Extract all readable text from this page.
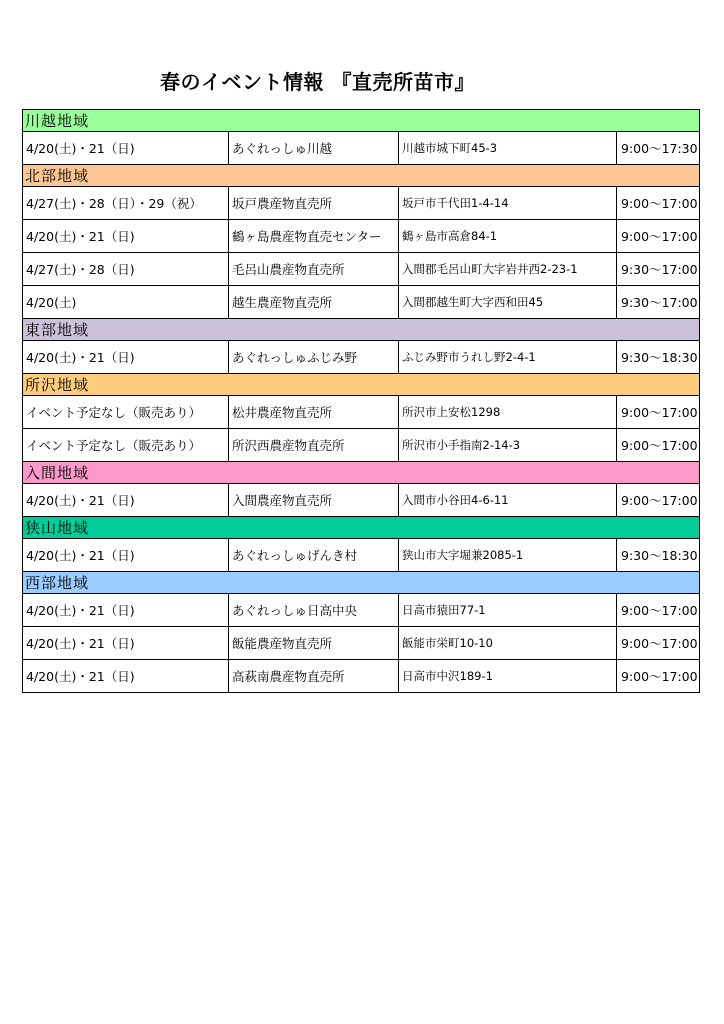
春のイベント情報 『直売所苗市』
川越地域			
4/20(土)・21（日)	あぐれっしゅ川越	川越市城下町45-3	9:00〜17:30
北部地域			
4/27(土)・28（日）・29（祝）	坂戸農産物直売所	坂戸市千代田1-4-14	9:00〜17:00
4/20(土)・21（日)	鶴ヶ島農産物直売センター	鶴ヶ島市高倉84-1	9:00〜17:00
4/27(土)・28（日)	毛呂山農産物直売所	入間郡毛呂山町大字岩井西2-23-1	9:30〜17:00
4/20(土)	越生農産物直売所	入間郡越生町大字西和田45	9:30〜17:00
東部地域			
4/20(土)・21（日)	あぐれっしゅふじみ野	ふじみ野市うれし野2-4-1	9:30〜18:30
所沢地域			
イベント予定なし（販売あり）	松井農産物直売所	所沢市上安松1298	9:00〜17:00
イベント予定なし（販売あり）	所沢西農産物直売所	所沢市小手指南2-14-3	9:00〜17:00
入間地域			
4/20(土)・21（日)	入間農産物直売所	入間市小谷田4-6-11	9:00〜17:00
狭山地域			
4/20(土)・21（日)	あぐれっしゅげんき村	狭山市大字堀兼2085-1	9:30〜18:30
西部地域			
4/20(土)・21（日)	あぐれっしゅ日高中央	日高市猿田77-1	9:00〜17:00
4/20(土)・21（日)	飯能農産物直売所	飯能市栄町10-10	9:00〜17:00
4/20(土)・21（日)	高萩南農産物直売所	日高市中沢189-1	9:00〜17:00
